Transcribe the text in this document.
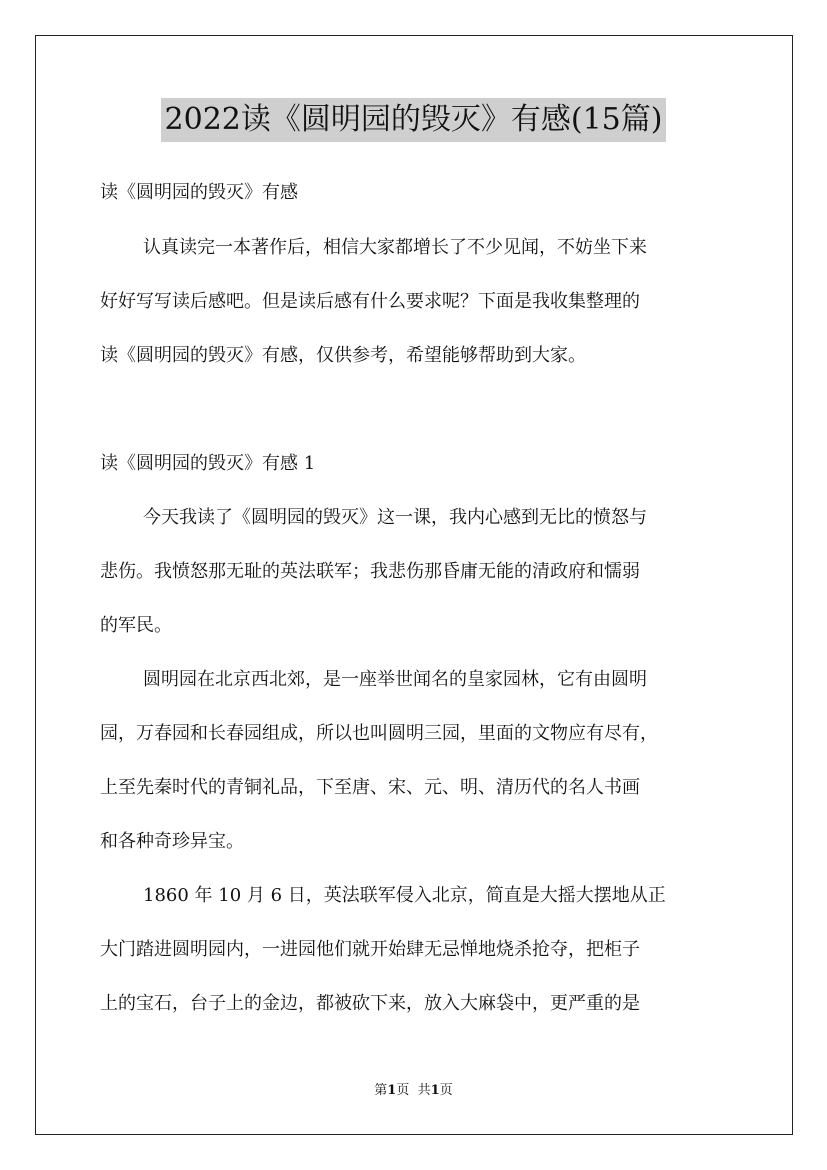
2022读《圆明园的毁灭》有感(15篇)
读《圆明园的毁灭》有感
认真读完一本著作后，相信大家都增长了不少见闻，不妨坐下来
好好写写读后感吧。但是读后感有什么要求呢？下面是我收集整理的
读《圆明园的毁灭》有感，仅供参考，希望能够帮助到大家。
读《圆明园的毁灭》有感 1
今天我读了《圆明园的毁灭》这一课，我内心感到无比的愤怒与
悲伤。我愤怒那无耻的英法联军；我悲伤那昏庸无能的清政府和懦弱
的军民。
圆明园在北京西北郊，是一座举世闻名的皇家园林，它有由圆明
园，万春园和长春园组成，所以也叫圆明三园，里面的文物应有尽有，
上至先秦时代的青铜礼品，下至唐、宋、元、明、清历代的名人书画
和各种奇珍异宝。
1860 年 10 月 6 日，英法联军侵入北京，简直是大摇大摆地从正
大门踏进圆明园内，一进园他们就开始肆无忌惮地烧杀抢夺，把柜子
上的宝石，台子上的金边，都被砍下来，放入大麻袋中，更严重的是
第1页 共1页
